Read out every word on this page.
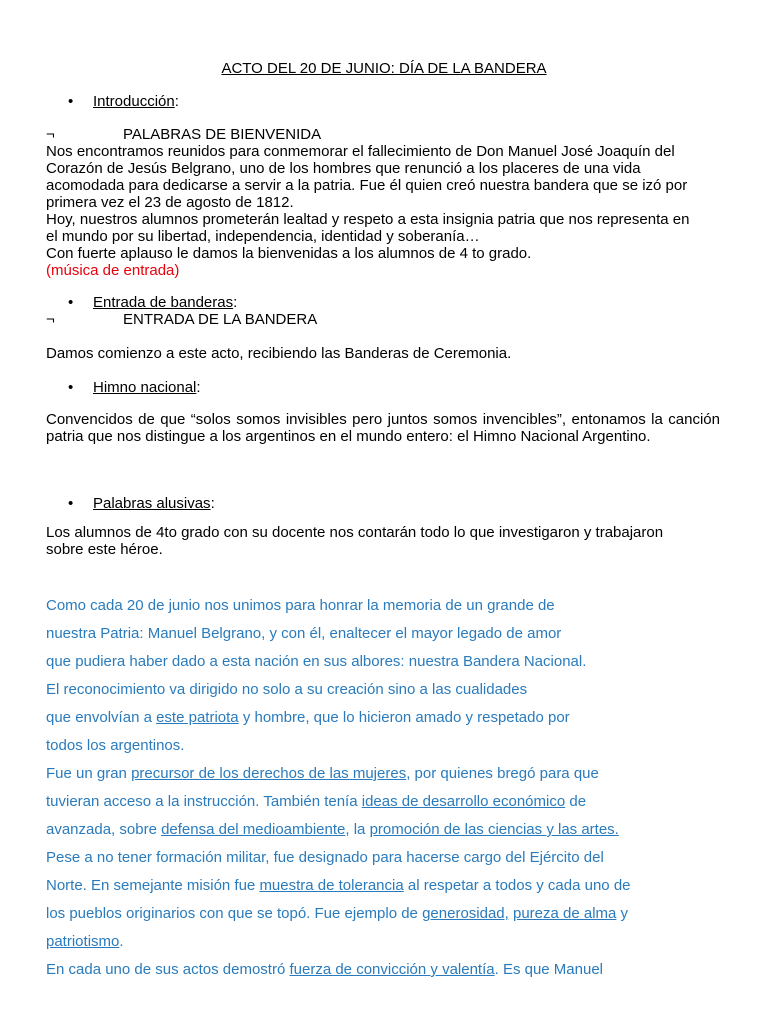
ACTO DEL 20 DE JUNIO: DÍA DE LA BANDERA
• Introducción:
¬	PALABRAS DE BIENVENIDA
Nos encontramos reunidos para conmemorar el fallecimiento de Don Manuel José Joaquín del
Corazón de Jesús Belgrano, uno de los hombres que renunció a los placeres de una vida
acomodada para dedicarse a servir a la patria. Fue él quien creó nuestra bandera que se izó por
primera vez el 23 de agosto de 1812.
Hoy, nuestros alumnos prometerán lealtad y respeto a esta insignia patria que nos representa en
el mundo por su libertad, independencia, identidad y soberanía…
Con fuerte aplauso le damos la bienvenidas a los alumnos de 4 to grado.
(música de entrada)
• Entrada de banderas:
¬	ENTRADA DE LA BANDERA
Damos comienzo a este acto, recibiendo las Banderas de Ceremonia.
• Himno nacional:

Convencidos de que “solos somos invisibles pero juntos somos invencibles”, entonamos la canción patria que nos distingue a los argentinos en el mundo entero: el Himno Nacional Argentino.

• Palabras alusivas:
Los alumnos de 4to grado con su docente nos contarán todo lo que investigaron y trabajaron
sobre este héroe.
Como cada 20 de junio nos unimos para honrar la memoria de un grande de
nuestra Patria: Manuel Belgrano, y con él, enaltecer el mayor legado de amor
que pudiera haber dado a esta nación en sus albores: nuestra Bandera Nacional.
El reconocimiento va dirigido no solo a su creación sino a las cualidades
que envolvían a este patriota y hombre, que lo hicieron amado y respetado por
todos los argentinos.
Fue un gran precursor de los derechos de las mujeres, por quienes bregó para que
tuvieran acceso a la instrucción. También tenía ideas de desarrollo económico de
avanzada, sobre defensa del medioambiente, la promoción de las ciencias y las artes.
Pese a no tener formación militar, fue designado para hacerse cargo del Ejército del
Norte. En semejante misión fue muestra de tolerancia al respetar a todos y cada uno de
los pueblos originarios con que se topó. Fue ejemplo de generosidad, pureza de alma y
patriotismo.
En cada uno de sus actos demostró fuerza de convicción y valentía. Es que Manuel
